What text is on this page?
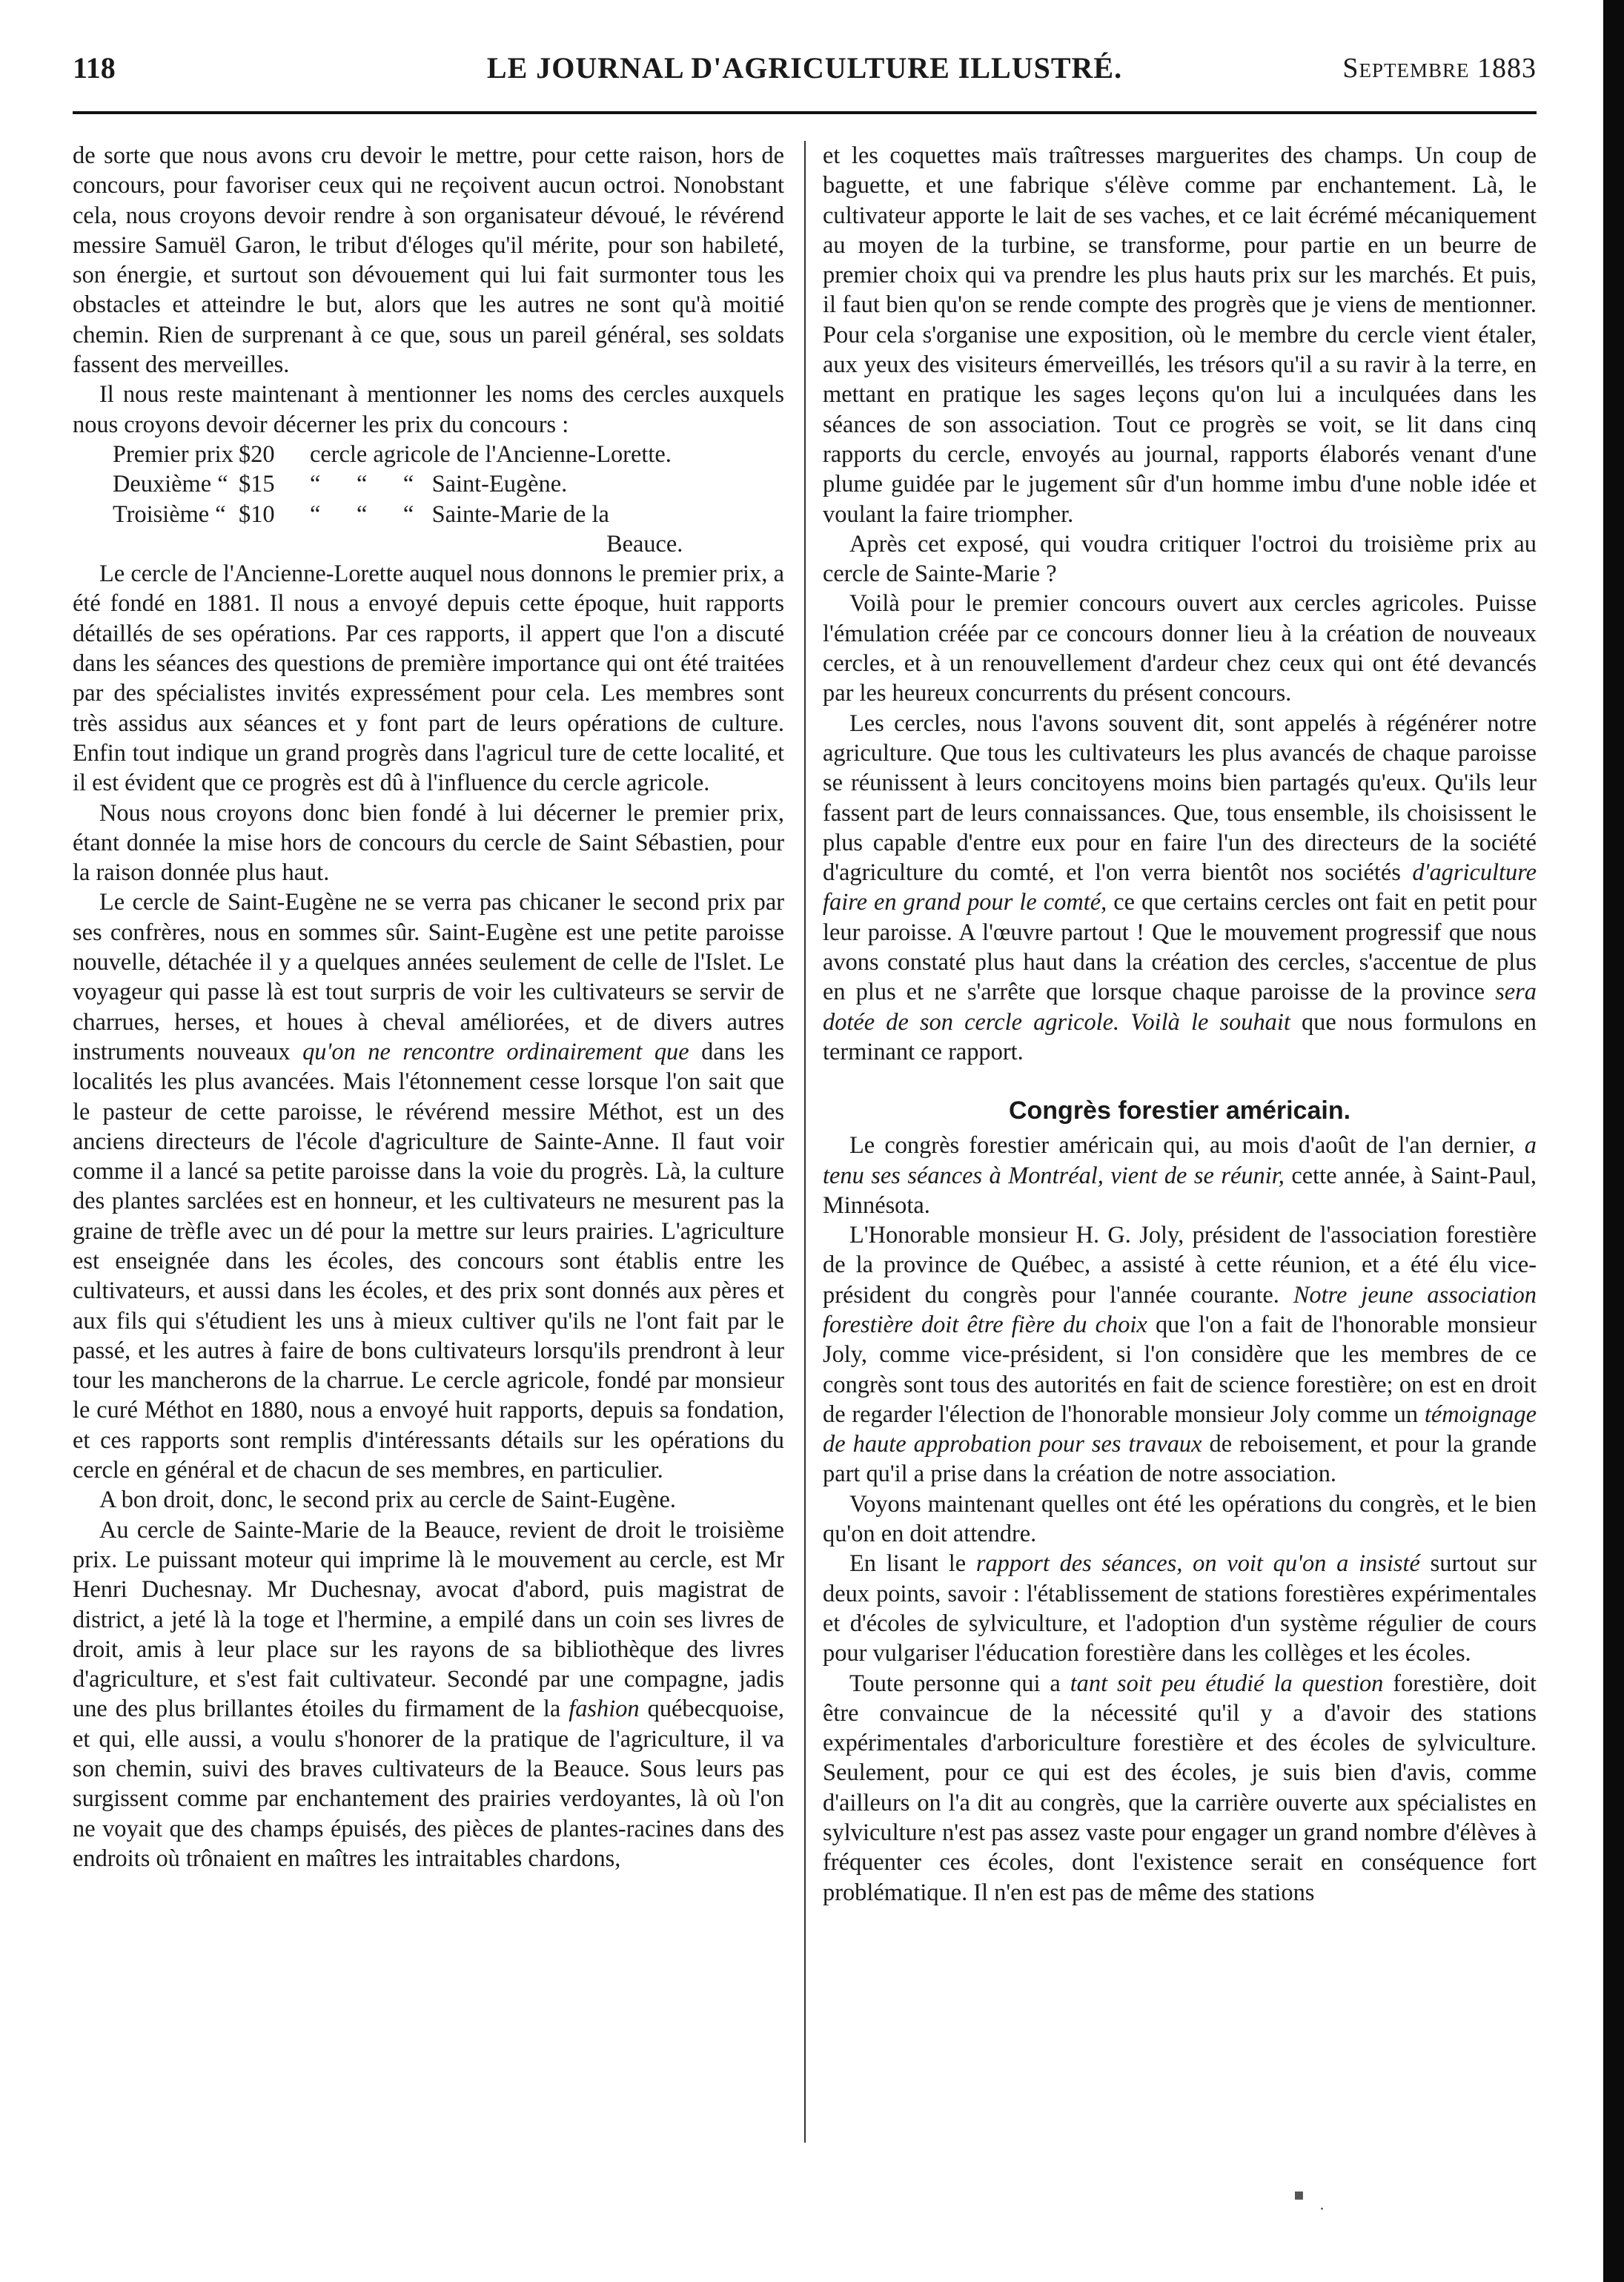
118	LE JOURNAL D'AGRICULTURE ILLUSTRÉ.	Septembre 1883

de sorte que nous avons cru devoir le mettre, pour cette raison, hors de concours, pour favoriser ceux qui ne reçoivent aucun octroi. Nonobstant cela, nous croyons devoir rendre à son organisateur dévoué, le révérend messire Samuël Garon, le tribut d'éloges qu'il mérite, pour son habileté, son énergie, et surtout son dévouement qui lui fait surmonter tous les obstacles et atteindre le but, alors que les autres ne sont qu'à moitié chemin. Rien de surprenant à ce que, sous un pareil général, ses soldats fassent des merveilles.

Il nous reste maintenant à mentionner les noms des cercles auxquels nous croyons devoir décerner les prix du concours :

Premier prix $20	cercle agricole de l'Ancienne-Lorette.
Deuxième “ $15	“      “      “   Saint-Eugène.
Troisième “ $10	“      “      “   Sainte-Marie de la
Beauce.

Le cercle de l'Ancienne-Lorette auquel nous donnons le premier prix, a été fondé en 1881. Il nous a envoyé depuis cette époque, huit rapports détaillés de ses opérations. Par ces rapports, il appert que l'on a discuté dans les séances des questions de première importance qui ont été traitées par des spécialistes invités expressément pour cela. Les membres sont très assidus aux séances et y font part de leurs opérations de culture. Enfin tout indique un grand progrès dans l'agricul ture de cette localité, et il est évident que ce progrès est dû à l'influence du cercle agricole.

Nous nous croyons donc bien fondé à lui décerner le premier prix, étant donnée la mise hors de concours du cercle de Saint Sébastien, pour la raison donnée plus haut.

Le cercle de Saint-Eugène ne se verra pas chicaner le second prix par ses confrères, nous en sommes sûr. Saint-Eugène est une petite paroisse nouvelle, détachée il y a quelques années seulement de celle de l'Islet. Le voyageur qui passe là est tout surpris de voir les cultivateurs se servir de charrues, herses, et houes à cheval améliorées, et de divers autres instruments nouveaux qu'on ne rencontre ordinairement que dans les localités les plus avancées. Mais l'étonnement cesse lorsque l'on sait que le pasteur de cette paroisse, le révérend messire Méthot, est un des anciens directeurs de l'école d'agriculture de Sainte-Anne. Il faut voir comme il a lancé sa petite paroisse dans la voie du progrès. Là, la culture des plantes sarclées est en honneur, et les cultivateurs ne mesurent pas la graine de trèfle avec un dé pour la mettre sur leurs prairies. L'agriculture est enseignée dans les écoles, des concours sont établis entre les cultivateurs, et aussi dans les écoles, et des prix sont donnés aux pères et aux fils qui s'étudient les uns à mieux cultiver qu'ils ne l'ont fait par le passé, et les autres à faire de bons cultivateurs lorsqu'ils prendront à leur tour les mancherons de la charrue. Le cercle agricole, fondé par monsieur le curé Méthot en 1880, nous a envoyé huit rapports, depuis sa fondation, et ces rapports sont remplis d'intéressants détails sur les opérations du cercle en général et de chacun de ses membres, en particulier.

A bon droit, donc, le second prix au cercle de Saint-Eugène.

Au cercle de Sainte-Marie de la Beauce, revient de droit le troisième prix. Le puissant moteur qui imprime là le mouvement au cercle, est Mr Henri Duchesnay. Mr Duchesnay, avocat d'abord, puis magistrat de district, a jeté là la toge et l'hermine, a empilé dans un coin ses livres de droit, amis à leur place sur les rayons de sa bibliothèque des livres d'agriculture, et s'est fait cultivateur. Secondé par une compagne, jadis une des plus brillantes étoiles du firmament de la fashion québecquoise, et qui, elle aussi, a voulu s'honorer de la pratique de l'agriculture, il va son chemin, suivi des braves cultivateurs de la Beauce. Sous leurs pas surgissent comme par enchantement des prairies verdoyantes, là où l'on ne voyait que des champs épuisés, des pièces de plantes-racines dans des endroits où trônaient en maîtres les intraitables chardons,

et les coquettes maïs traîtresses marguerites des champs. Un coup de baguette, et une fabrique s'élève comme par enchantement. Là, le cultivateur apporte le lait de ses vaches, et ce lait écrémé mécaniquement au moyen de la turbine, se transforme, pour partie en un beurre de premier choix qui va prendre les plus hauts prix sur les marchés. Et puis, il faut bien qu'on se rende compte des progrès que je viens de mentionner. Pour cela s'organise une exposition, où le membre du cercle vient étaler, aux yeux des visiteurs émerveillés, les trésors qu'il a su ravir à la terre, en mettant en pratique les sages leçons qu'on lui a inculquées dans les séances de son association. Tout ce progrès se voit, se lit dans cinq rapports du cercle, envoyés au journal, rapports élaborés venant d'une plume guidée par le jugement sûr d'un homme imbu d'une noble idée et voulant la faire triompher.

Après cet exposé, qui voudra critiquer l'octroi du troisième prix au cercle de Sainte-Marie ?

Voilà pour le premier concours ouvert aux cercles agricoles. Puisse l'émulation créée par ce concours donner lieu à la création de nouveaux cercles, et à un renouvellement d'ardeur chez ceux qui ont été devancés par les heureux concurrents du présent concours.

Les cercles, nous l'avons souvent dit, sont appelés à régénérer notre agriculture. Que tous les cultivateurs les plus avancés de chaque paroisse se réunissent à leurs concitoyens moins bien partagés qu'eux. Qu'ils leur fassent part de leurs connaissances. Que, tous ensemble, ils choisissent le plus capable d'entre eux pour en faire l'un des directeurs de la société d'agriculture du comté, et l'on verra bientôt nos sociétés d'agriculture faire en grand pour le comté, ce que certains cercles ont fait en petit pour leur paroisse. A l'œuvre partout ! Que le mouvement progressif que nous avons constaté plus haut dans la création des cercles, s'accentue de plus en plus et ne s'arrête que lorsque chaque paroisse de la province sera dotée de son cercle agricole. Voilà le souhait que nous formulons en terminant ce rapport.

Congrès forestier américain.

Le congrès forestier américain qui, au mois d'août de l'an dernier, a tenu ses séances à Montréal, vient de se réunir, cette année, à Saint-Paul, Minnésota.

L'Honorable monsieur H. G. Joly, président de l'association forestière de la province de Québec, a assisté à cette réunion, et a été élu vice-président du congrès pour l'année courante. Notre jeune association forestière doit être fière du choix que l'on a fait de l'honorable monsieur Joly, comme vice-président, si l'on considère que les membres de ce congrès sont tous des autorités en fait de science forestière; on est en droit de regarder l'élection de l'honorable monsieur Joly comme un témoignage de haute approbation pour ses travaux de reboisement, et pour la grande part qu'il a prise dans la création de notre association.

Voyons maintenant quelles ont été les opérations du congrès, et le bien qu'on en doit attendre.

En lisant le rapport des séances, on voit qu'on a insisté surtout sur deux points, savoir : l'établissement de stations forestières expérimentales et d'écoles de sylviculture, et l'adoption d'un système régulier de cours pour vulgariser l'éducation forestière dans les collèges et les écoles.

Toute personne qui a tant soit peu étudié la question forestière, doit être convaincue de la nécessité qu'il y a d'avoir des stations expérimentales d'arboriculture forestière et des écoles de sylviculture. Seulement, pour ce qui est des écoles, je suis bien d'avis, comme d'ailleurs on l'a dit au congrès, que la carrière ouverte aux spécialistes en sylviculture n'est pas assez vaste pour engager un grand nombre d'élèves à fréquenter ces écoles, dont l'existence serait en conséquence fort problématique. Il n'en est pas de même des stations

▪
·
